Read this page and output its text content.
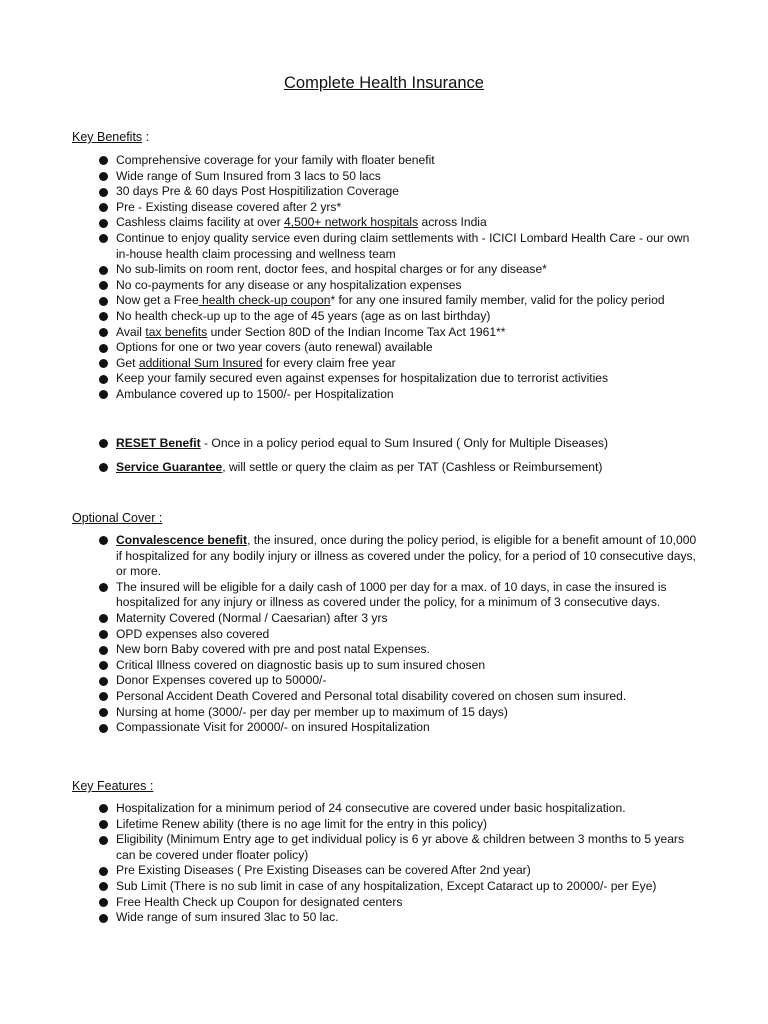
Complete Health Insurance
Key Benefits :
Comprehensive coverage for your family with floater benefit
Wide range of Sum Insured from 3 lacs to 50 lacs
30 days Pre & 60 days Post Hospitilization Coverage
Pre - Existing disease covered after 2 yrs*
Cashless claims facility at over 4,500+ network hospitals across India
Continue to enjoy quality service even during claim settlements with - ICICI Lombard Health Care - our own in-house health claim processing and wellness team
No sub-limits on room rent, doctor fees, and hospital charges or for any disease*
No co-payments for any disease or any hospitalization expenses
Now get a Free health check-up coupon* for any one insured family member, valid for the policy period
No health check-up up to the age of 45 years (age as on last birthday)
Avail tax benefits under Section 80D of the Indian Income Tax Act 1961**
Options for one or two year covers (auto renewal) available
Get additional Sum Insured for every claim free year
Keep your family secured even against expenses for hospitalization due to terrorist activities
Ambulance covered up to 1500/- per Hospitalization
RESET Benefit - Once in a policy period equal to Sum Insured ( Only for Multiple Diseases)
Service Guarantee, will settle or query the claim as per TAT (Cashless or Reimbursement)
Optional Cover :
Convalescence benefit, the insured, once during the policy period, is eligible for a benefit amount of 10,000 if hospitalized for any bodily injury or illness as covered under the policy, for a period of 10 consecutive days, or more.
The insured will be eligible for a daily cash of 1000 per day for a max. of 10 days, in case the insured is hospitalized for any injury or illness as covered under the policy, for a minimum of 3 consecutive days.
Maternity Covered (Normal / Caesarian) after 3 yrs
OPD expenses also covered
New born Baby covered with pre and post natal Expenses.
Critical Illness covered on diagnostic basis up to sum insured chosen
Donor Expenses covered up to 50000/-
Personal Accident Death Covered and Personal total disability covered on chosen sum insured.
Nursing at home (3000/- per day per member up to maximum of 15 days)
Compassionate Visit for 20000/- on insured Hospitalization
Key Features :
Hospitalization for a minimum period of 24 consecutive are covered under basic hospitalization.
Lifetime Renew ability (there is no age limit for the entry in this policy)
Eligibility (Minimum Entry age to get individual policy is 6 yr above & children between 3 months to 5 years can be covered under floater policy)
Pre Existing Diseases ( Pre Existing Diseases can be covered After 2nd year)
Sub Limit (There is no sub limit in case of any hospitalization, Except Cataract up to 20000/- per Eye)
Free Health Check up Coupon for designated centers
Wide range of sum insured 3lac to 50 lac.
